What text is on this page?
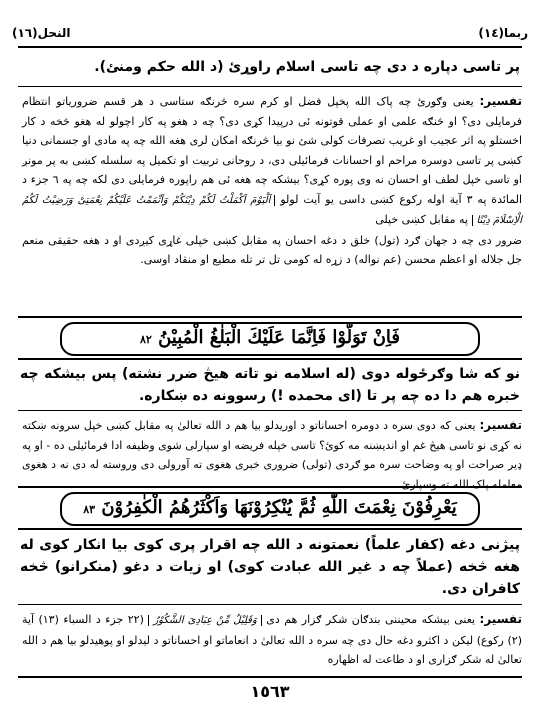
النحل(١٦)	ربما(١٤)
پر تاسی دپاره د دی چه تاسی اسلام راوړئ (د الله حکم ومنئ).
تفسیر: یعنی وګورئ چه پاک الله پخپل فضل او کرم سره څرنګه ستاسی د هر قسم ضروریاتو انتظام فرمایلی دی؟ او څنګه علمی او عملی قوتونه ئی درپیدا کړی دی؟ چه د هغو په کار اچولو له هغو څخه د کار اخستلو په اثر عجیب او غریب تصرفات کولی شئ نو بیا څرنګه امکان لری هغه الله چه په مادی او جسمانی دنیا کښی پر تاسی دوسره مراحم او احسانات فرمائیلی دی، د روحانی تربیت او تکمیل په سلسله کښی به پر مونږ او تاسی خپل لطف او احسان نه وی پوره کړی؟ بیشکه چه هغه ئی هم راپوره فرمایلی دی لکه چه په ٦ جزء د المائدة په ٣ آیة اوله رکوع کښی داسی یو آیت لولو اَلْیَوْمَ اَکْمَلْتُ لَکُمْ دِیْنَکُمْ وَاَتْمَمْتُ عَلَیْکُمْ نِعْمَتِیْ وَرَضِیْتُ لَکُمُ الْاِسْلَامَ دِیْنًا په مقابل کښی خپلی
ضرور دی چه د جهان ګرد (تول) خلق د دغه احسان په مقابل کښی خپلی غاړی کیږدی او د هغه حقیقی منعم جل جلاله او اعظم محسن (عم نواله) د زړه له کومی تل تر تله مطیع او منقاد اوسی.
فَاِنْ تَوَلَّوْا فَاِنَّمَا عَلَیْكَ الْبَلٰغُ الْمُبِیْنُ ٨٢
نو که شا وګرځوله دوی (له اسلامه نو تاته هیڅ ضرر نشته) پس بیشکه چه خبره هم دا ده چه پر تا (ای محمده !) رسوونه ده ښکاره.
تفسیر: یعنی که دوی سره د دومره احساناتو د اوریدلو بیا هم د الله تعالیٰ په مقابل کښی خپل سرونه ښکته نه کړی نو تاسی هیڅ غم او اندیښنه مه کوئ؟ تاسی خپله فریضه او سپارلی شوی وظیفه ادا فرمائیلی ده - او په ډیر صراحت او په وضاحت سره مو ګردی (تولی) ضروری خبری هغوی ته آورولی دی وروسته له دی نه د هغوی معامله پاک الله ته وسپارئ.
یَعْرِفُوْنَ نِعْمَتَ اللّٰهِ ثُمَّ یُنْكِرُوْنَهَا وَاَكْثَرُهُمُ الْكٰفِرُوْنَ ٨٣
پیژنی دغه (کفار علماً) نعمتونه د الله چه اقرار پری کوی بیا انکار کوی له هغه څخه (عملاً چه د غیر الله عبادت کوی) او زیات د دغو (منکرانو) څخه کافران دی.
تفسیر: یعنی بیشکه محیننی بندګان شکر ګزار هم دی وَقَلِیْلٌ مِّنْ عِبَادِیَ الشَّكُوْرُ (٢٢ جزء د السباء (١٣) آیة (٢) رکوع) لیکن د اکثرو دغه حال دی چه سره د الله تعالیٰ د انعاماتو او احساناتو د لیدلو او پوهیدلو بیا هم د الله تعالیٰ له شکر ګزاری او د طاعت له اظهاره
١٥٦٣
